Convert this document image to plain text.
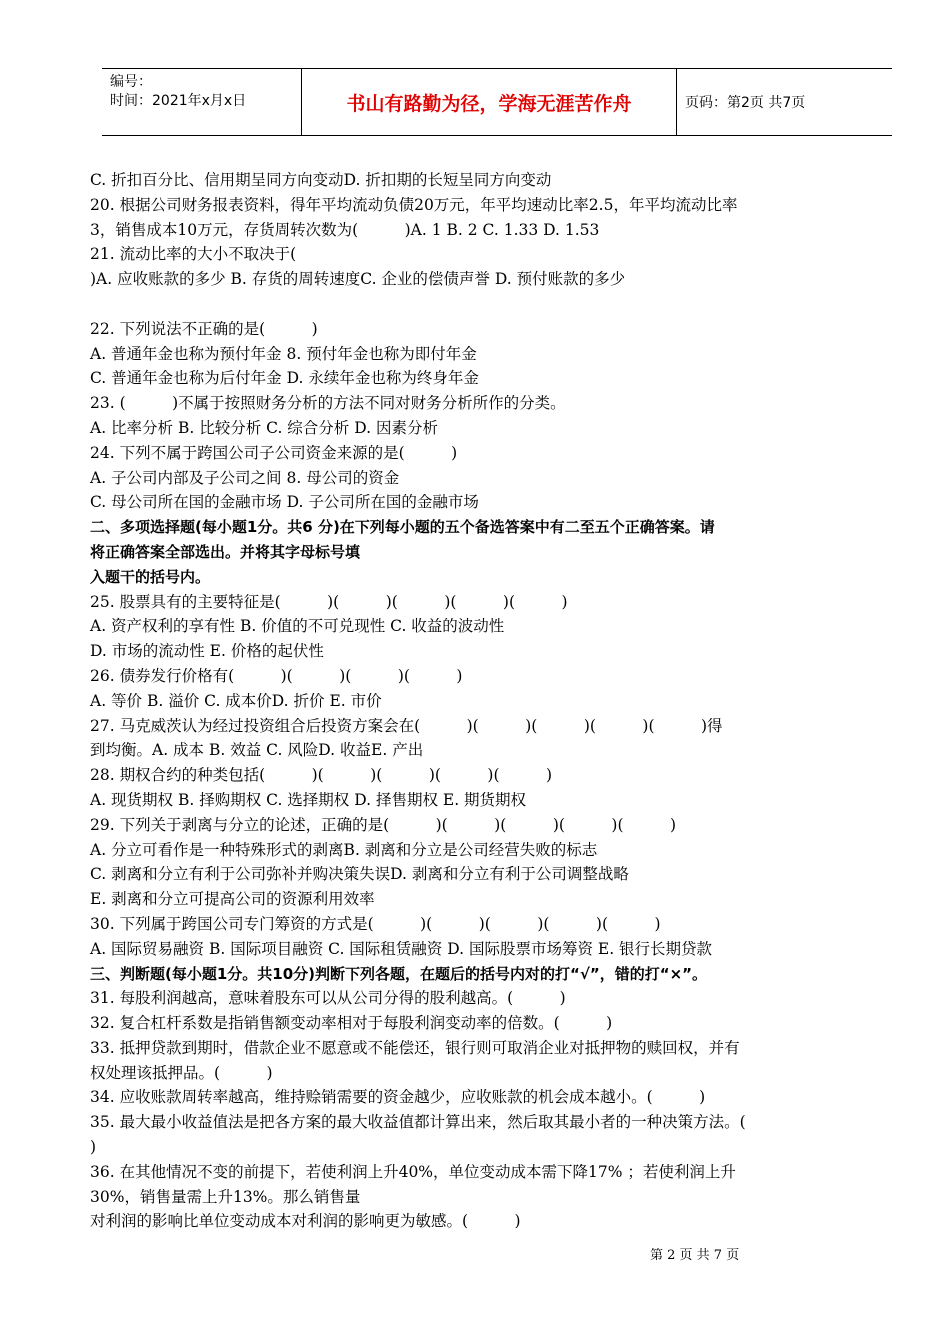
编号：
时间：2021年x月x日	书山有路勤为径，学海无涯苦作舟	页码：第2页 共7页
C. 折扣百分比、信用期呈同方向变动D. 折扣期的长短呈同方向变动
20. 根据公司财务报表资料，得年平均流动负债20万元，年平均速动比率2.5，年平均流动比率
3，销售成本10万元，存货周转次数为(　　　)A. 1 B. 2 C. 1.33 D. 1.53
21. 流动比率的大小不取决于(
)A. 应收账款的多少 B. 存货的周转速度C. 企业的偿债声誉 D. 预付账款的多少
22. 下列说法不正确的是(　　　)
A. 普通年金也称为预付年金 8. 预付年金也称为即付年金
C. 普通年金也称为后付年金 D. 永续年金也称为终身年金
23. (　　　)不属于按照财务分析的方法不同对财务分析所作的分类。
A. 比率分析 B. 比较分析 C. 综合分析 D. 因素分析
24. 下列不属于跨国公司子公司资金来源的是(　　　)
A. 子公司内部及子公司之间 8. 母公司的资金
C. 母公司所在国的金融市场 D. 子公司所在国的金融市场
二、多项选择题(每小题1分。共6 分)在下列每小题的五个备选答案中有二至五个正确答案。请
将正确答案全部选出。并将其字母标号填
入题干的括号内。
25. 股票具有的主要特征是(　　　)(　　　)(　　　)(　　　)(　　　)
A. 资产权利的享有性 B. 价值的不可兑现性 C. 收益的波动性
D. 市场的流动性 E. 价格的起伏性
26. 债券发行价格有(　　　)(　　　)(　　　)(　　　)
A. 等价 B. 溢价 C. 成本价D. 折价 E. 市价
27. 马克威茨认为经过投资组合后投资方案会在(　　　)(　　　)(　　　)(　　　)(　　　)得
到均衡。A. 成本 B. 效益 C. 风险D. 收益E. 产出
28. 期权合约的种类包括(　　　)(　　　)(　　　)(　　　)(　　　)
A. 现货期权 B. 择购期权 C. 选择期权 D. 择售期权 E. 期货期权
29. 下列关于剥离与分立的论述，正确的是(　　　)(　　　)(　　　)(　　　)(　　　)
A. 分立可看作是一种特殊形式的剥离B. 剥离和分立是公司经营失败的标志
C. 剥离和分立有利于公司弥补并购决策失误D. 剥离和分立有利于公司调整战略
E. 剥离和分立可提高公司的资源利用效率
30. 下列属于跨国公司专门筹资的方式是(　　　)(　　　)(　　　)(　　　)(　　　)
A. 国际贸易融资 B. 国际项目融资 C. 国际租赁融资 D. 国际股票市场筹资 E. 银行长期贷款
三、判断题(每小题1分。共10分)判断下列各题，在题后的括号内对的打“√”，错的打“×”。
31. 每股利润越高，意味着股东可以从公司分得的股利越高。(　　　)
32. 复合杠杆系数是指销售额变动率相对于每股利润变动率的倍数。(　　　)
33. 抵押贷款到期时，借款企业不愿意或不能偿还，银行则可取消企业对抵押物的赎回权，并有
权处理该抵押品。(　　　)
34. 应收账款周转率越高，维持赊销需要的资金越少，应收账款的机会成本越小。(　　　)
35. 最大最小收益值法是把各方案的最大收益值都计算出来，然后取其最小者的一种决策方法。(
)
36. 在其他情况不变的前提下，若使利润上升40%，单位变动成本需下降17% ；若使利润上升
30%，销售量需上升13%。那么销售量
对利润的影响比单位变动成本对利润的影响更为敏感。(　　　)
第 2 页 共 7 页
